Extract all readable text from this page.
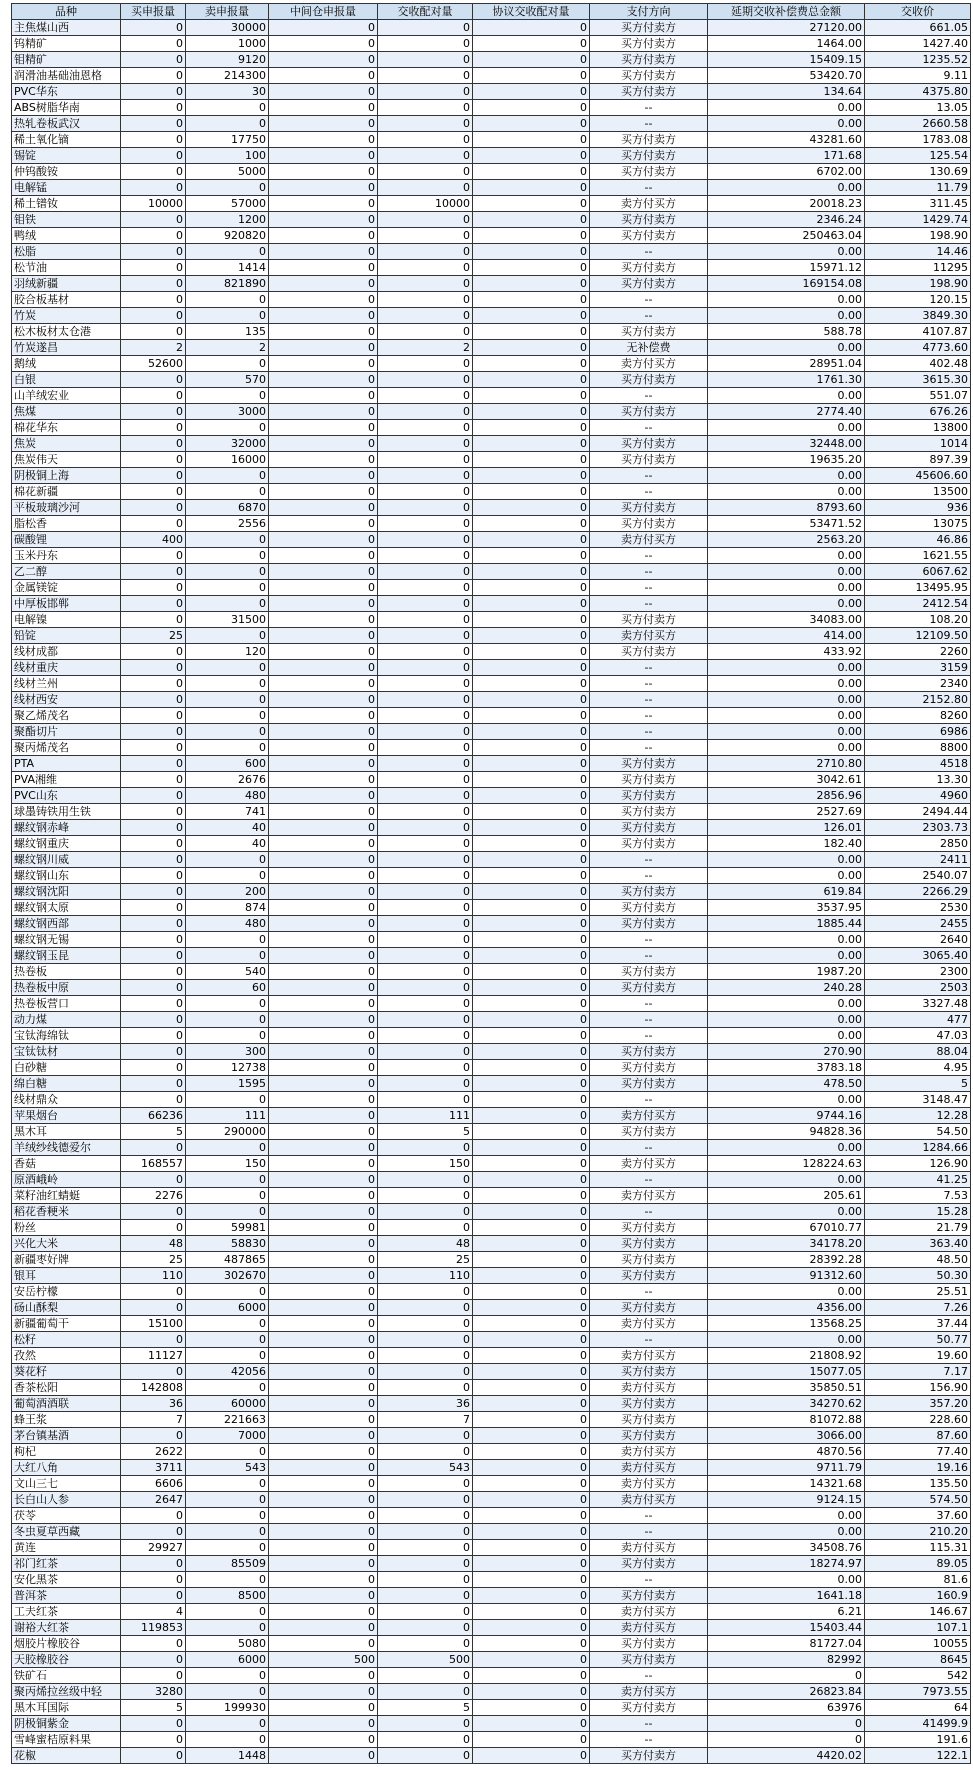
品种	买申报量	卖申报量	中间仓申报量	交收配对量	协议交收配对量	支付方向	延期交收补偿费总金额	交收价
主焦煤山西	0	30000	0	0	0	买方付卖方	27120.00	661.05
钨精矿	0	1000	0	0	0	买方付卖方	1464.00	1427.40
钼精矿	0	9120	0	0	0	买方付卖方	15409.15	1235.52
润滑油基础油恩格	0	214300	0	0	0	买方付卖方	53420.70	9.11
PVC华东	0	30	0	0	0	买方付卖方	134.64	4375.80
ABS树脂华南	0	0	0	0	0	--	0.00	13.05
热轧卷板武汉	0	0	0	0	0	--	0.00	2660.58
稀土氧化镝	0	17750	0	0	0	买方付卖方	43281.60	1783.08
锡锭	0	100	0	0	0	买方付卖方	171.68	125.54
仲钨酸铵	0	5000	0	0	0	买方付卖方	6702.00	130.69
电解锰	0	0	0	0	0	--	0.00	11.79
稀土镨钕	10000	57000	0	10000	0	卖方付买方	20018.23	311.45
钼铁	0	1200	0	0	0	买方付卖方	2346.24	1429.74
鸭绒	0	920820	0	0	0	买方付卖方	250463.04	198.90
松脂	0	0	0	0	0	--	0.00	14.46
松节油	0	1414	0	0	0	买方付卖方	15971.12	11295
羽绒新疆	0	821890	0	0	0	买方付卖方	169154.08	198.90
胶合板基材	0	0	0	0	0	--	0.00	120.15
竹炭	0	0	0	0	0	--	0.00	3849.30
松木板材太仓港	0	135	0	0	0	买方付卖方	588.78	4107.87
竹炭遂昌	2	2	0	2	0	无补偿费	0.00	4773.60
鹅绒	52600	0	0	0	0	卖方付买方	28951.04	402.48
白银	0	570	0	0	0	买方付卖方	1761.30	3615.30
山羊绒宏业	0	0	0	0	0	--	0.00	551.07
焦煤	0	3000	0	0	0	买方付卖方	2774.40	676.26
棉花华东	0	0	0	0	0	--	0.00	13800
焦炭	0	32000	0	0	0	买方付卖方	32448.00	1014
焦炭伟天	0	16000	0	0	0	买方付卖方	19635.20	897.39
阴极铜上海	0	0	0	0	0	--	0.00	45606.60
棉花新疆	0	0	0	0	0	--	0.00	13500
平板玻璃沙河	0	6870	0	0	0	买方付卖方	8793.60	936
脂松香	0	2556	0	0	0	买方付卖方	53471.52	13075
碳酸锂	400	0	0	0	0	卖方付买方	2563.20	46.86
玉米丹东	0	0	0	0	0	--	0.00	1621.55
乙二醇	0	0	0	0	0	--	0.00	6067.62
金属镁锭	0	0	0	0	0	--	0.00	13495.95
中厚板邯郸	0	0	0	0	0	--	0.00	2412.54
电解镍	0	31500	0	0	0	买方付卖方	34083.00	108.20
铅锭	25	0	0	0	0	卖方付买方	414.00	12109.50
线材成都	0	120	0	0	0	买方付卖方	433.92	2260
线材重庆	0	0	0	0	0	--	0.00	3159
线材兰州	0	0	0	0	0	--	0.00	2340
线材西安	0	0	0	0	0	--	0.00	2152.80
聚乙烯茂名	0	0	0	0	0	--	0.00	8260
聚酯切片	0	0	0	0	0	--	0.00	6986
聚丙烯茂名	0	0	0	0	0	--	0.00	8800
PTA	0	600	0	0	0	买方付卖方	2710.80	4518
PVA湘维	0	2676	0	0	0	买方付卖方	3042.61	13.30
PVC山东	0	480	0	0	0	买方付卖方	2856.96	4960
球墨铸铁用生铁	0	741	0	0	0	买方付卖方	2527.69	2494.44
螺纹钢赤峰	0	40	0	0	0	买方付卖方	126.01	2303.73
螺纹钢重庆	0	40	0	0	0	买方付卖方	182.40	2850
螺纹钢川威	0	0	0	0	0	--	0.00	2411
螺纹钢山东	0	0	0	0	0	--	0.00	2540.07
螺纹钢沈阳	0	200	0	0	0	买方付卖方	619.84	2266.29
螺纹钢太原	0	874	0	0	0	买方付卖方	3537.95	2530
螺纹钢西部	0	480	0	0	0	买方付卖方	1885.44	2455
螺纹钢无锡	0	0	0	0	0	--	0.00	2640
螺纹钢玉昆	0	0	0	0	0	--	0.00	3065.40
热卷板	0	540	0	0	0	买方付卖方	1987.20	2300
热卷板中原	0	60	0	0	0	买方付卖方	240.28	2503
热卷板营口	0	0	0	0	0	--	0.00	3327.48
动力煤	0	0	0	0	0	--	0.00	477
宝钛海绵钛	0	0	0	0	0	--	0.00	47.03
宝钛钛材	0	300	0	0	0	买方付卖方	270.90	88.04
白砂糖	0	12738	0	0	0	买方付卖方	3783.18	4.95
绵白糖	0	1595	0	0	0	买方付卖方	478.50	5
线材鼎众	0	0	0	0	0	--	0.00	3148.47
苹果烟台	66236	111	0	111	0	卖方付买方	9744.16	12.28
黑木耳	5	290000	0	5	0	买方付卖方	94828.36	54.50
羊绒纱线德爱尔	0	0	0	0	0	--	0.00	1284.66
香菇	168557	150	0	150	0	卖方付买方	128224.63	126.90
原酒峨岭	0	0	0	0	0	--	0.00	41.25
菜籽油红蜻蜓	2276	0	0	0	0	卖方付买方	205.61	7.53
稻花香粳米	0	0	0	0	0	--	0.00	15.28
粉丝	0	59981	0	0	0	买方付卖方	67010.77	21.79
兴化大米	48	58830	0	48	0	买方付卖方	34178.20	363.40
新疆枣好牌	25	487865	0	25	0	买方付卖方	28392.28	48.50
银耳	110	302670	0	110	0	买方付卖方	91312.60	50.30
安岳柠檬	0	0	0	0	0	--	0.00	25.51
砀山酥梨	0	6000	0	0	0	买方付卖方	4356.00	7.26
新疆葡萄干	15100	0	0	0	0	卖方付买方	13568.25	37.44
松籽	0	0	0	0	0	--	0.00	50.77
孜然	11127	0	0	0	0	卖方付买方	21808.92	19.60
葵花籽	0	42056	0	0	0	买方付卖方	15077.05	7.17
香茶松阳	142808	0	0	0	0	卖方付买方	35850.51	156.90
葡萄酒酒联	36	60000	0	36	0	买方付卖方	34270.62	357.20
蜂王浆	7	221663	0	7	0	买方付卖方	81072.88	228.60
茅台镇基酒	0	7000	0	0	0	买方付卖方	3066.00	87.60
枸杞	2622	0	0	0	0	卖方付买方	4870.56	77.40
大红八角	3711	543	0	543	0	卖方付买方	9711.79	19.16
文山三七	6606	0	0	0	0	卖方付买方	14321.68	135.50
长白山人参	2647	0	0	0	0	卖方付买方	9124.15	574.50
茯苓	0	0	0	0	0	--	0.00	37.60
冬虫夏草西藏	0	0	0	0	0	--	0.00	210.20
黄连	29927	0	0	0	0	卖方付买方	34508.76	115.31
祁门红茶	0	85509	0	0	0	买方付卖方	18274.97	89.05
安化黑茶	0	0	0	0	0	--	0.00	81.6
普洱茶	0	8500	0	0	0	买方付卖方	1641.18	160.9
工夫红茶	4	0	0	0	0	卖方付买方	6.21	146.67
谢裕大红茶	119853	0	0	0	0	卖方付买方	15403.44	107.1
烟胶片橡胶谷	0	5080	0	0	0	买方付卖方	81727.04	10055
天胶橡胶谷	0	6000	500	500	0	买方付卖方	82992	8645
铁矿石	0	0	0	0	0	--	0	542
聚丙烯拉丝级中轻	3280	0	0	0	0	卖方付买方	26823.84	7973.55
黑木耳国际	5	199930	0	5	0	买方付卖方	63976	64
阴极铜紫金	0	0	0	0	0	--	0	41499.9
雪峰蜜桔原料果	0	0	0	0	0	--	0	191.6
花椒	0	1448	0	0	0	买方付卖方	4420.02	122.1
